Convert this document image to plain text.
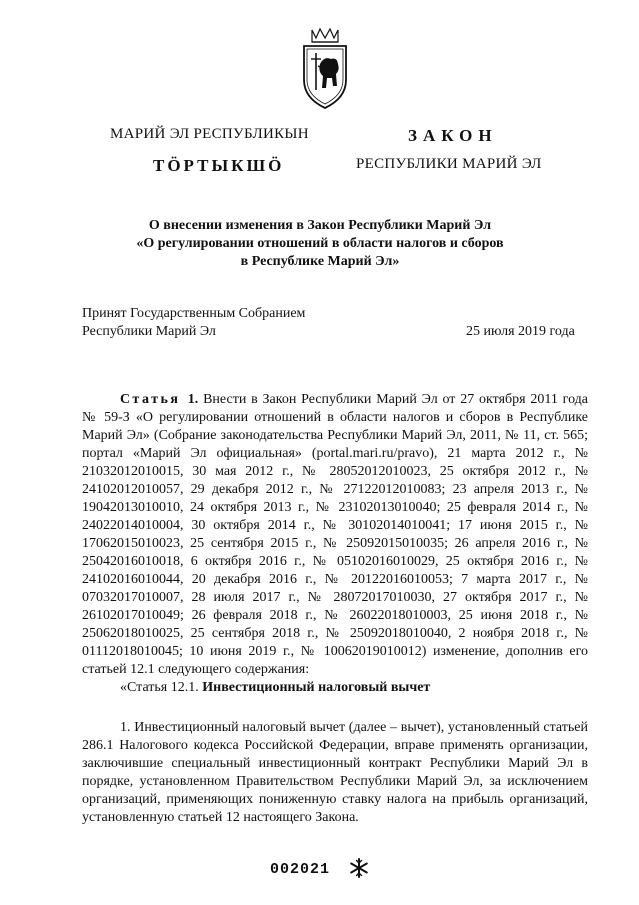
МАРИЙ ЭЛ РЕСПУБЛИКЫН
ТӦРТЫКШӦ
ЗАКОН
РЕСПУБЛИКИ МАРИЙ ЭЛ
О внесении изменения в Закон Республики Марий Эл
«О регулировании отношений в области налогов и сборов
в Республике Марий Эл»
Принят Государственным Собранием
Республики Марий Эл	25 июля 2019 года

Статья 1. Внести в Закон Республики Марий Эл от 27 октября 2011 года № 59-З «О регулировании отношений в области налогов и сборов в Республике Марий Эл» (Собрание законодательства Республики Марий Эл, 2011, № 11, ст. 565; портал «Марий Эл официальная» (portal.mari.ru/pravo), 21 марта 2012 г., № 21032012010015, 30 мая 2012 г., № 28052012010023, 25 октября 2012 г., № 24102012010057, 29 декабря 2012 г., № 27122012010083; 23 апреля 2013 г., № 19042013010010, 24 октября 2013 г., № 23102013010040; 25 февраля 2014 г., № 24022014010004, 30 октября 2014 г., № 30102014010041; 17 июня 2015 г., № 17062015010023, 25 сентября 2015 г., № 25092015010035; 26 апреля 2016 г., № 25042016010018, 6 октября 2016 г., № 05102016010029, 25 октября 2016 г., № 24102016010044, 20 декабря 2016 г., № 20122016010053; 7 марта 2017 г., № 07032017010007, 28 июля 2017 г., № 28072017010030, 27 октября 2017 г., № 26102017010049; 26 февраля 2018 г., № 26022018010003, 25 июня 2018 г., № 25062018010025, 25 сентября 2018 г., № 25092018010040, 2 ноября 2018 г., № 01112018010045; 10 июня 2019 г., № 10062019010012) изменение, дополнив его статьей 12.1 следующего содержания:

«Статья 12.1. Инвестиционный налоговый вычет

1. Инвестиционный налоговый вычет (далее – вычет), установленный статьей 286.1 Налогового кодекса Российской Федерации, вправе применять организации, заключившие специальный инвестиционный контракт Республики Марий Эл в порядке, установленном Правительством Республики Марий Эл, за исключением организаций, применяющих пониженную ставку налога на прибыль организаций, установленную статьей 12 настоящего Закона.

002021
